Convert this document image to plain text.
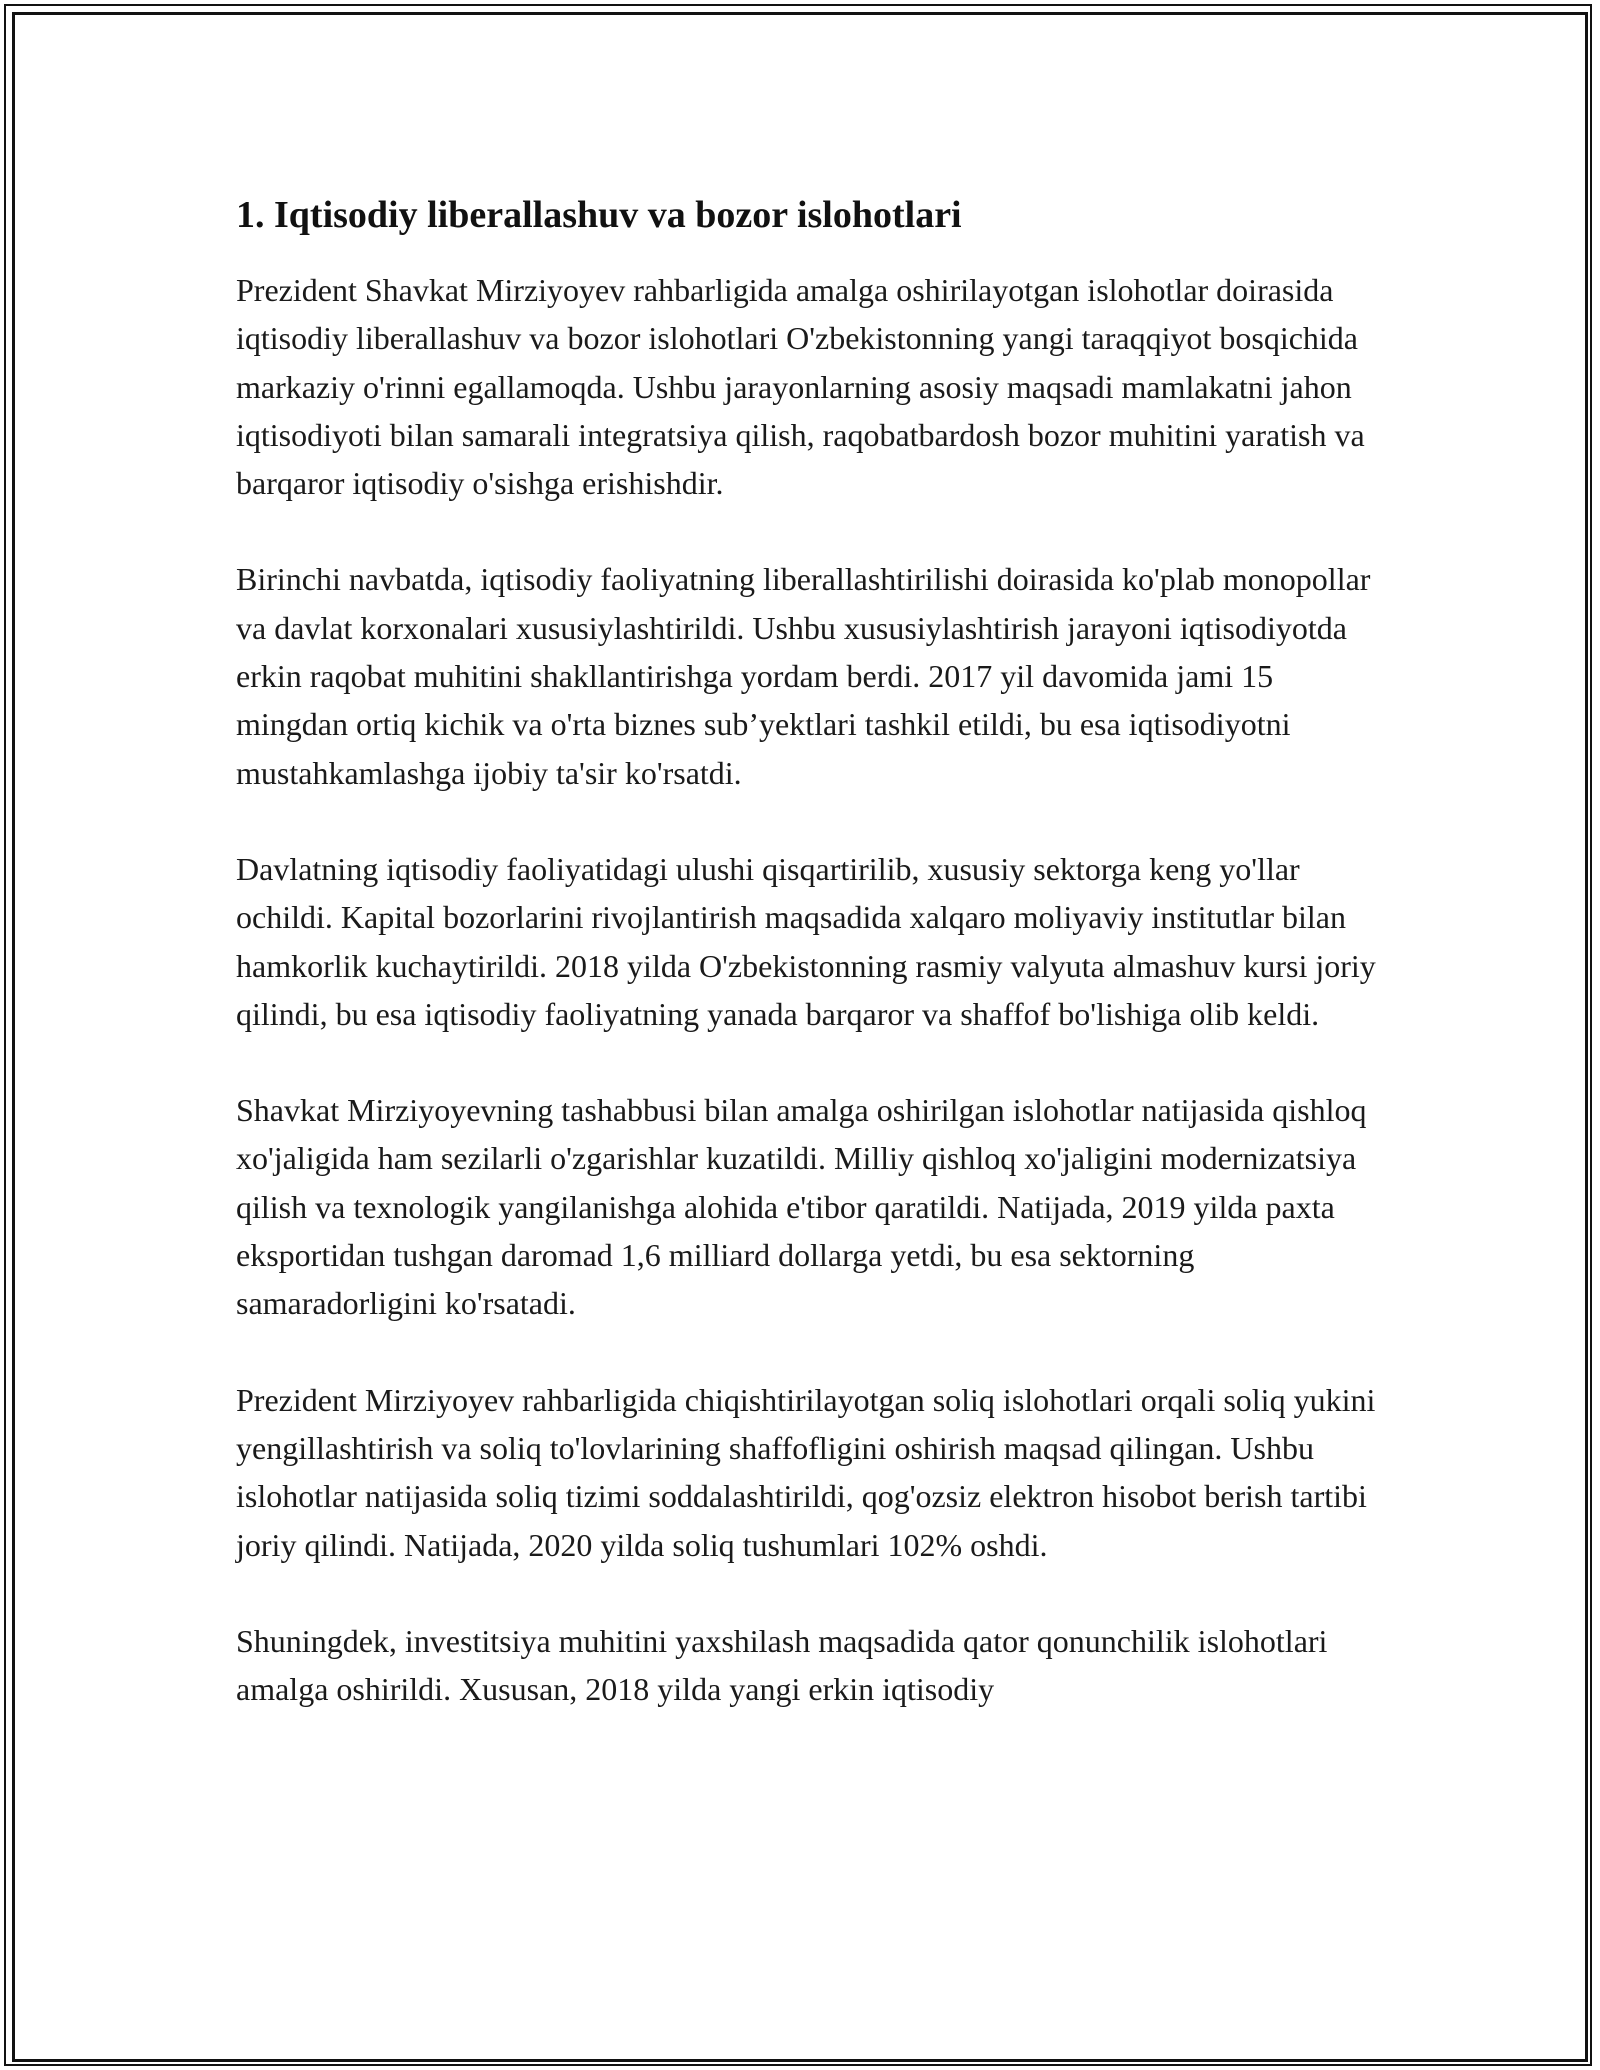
1. Iqtisodiy liberallashuv va bozor islohotlari

Prezident Shavkat Mirziyoyev rahbarligida amalga oshirilayotgan islohotlar doirasida iqtisodiy liberallashuv va bozor islohotlari O'zbekistonning yangi taraqqiyot bosqichida markaziy o'rinni egallamoqda. Ushbu jarayonlarning asosiy maqsadi mamlakatni jahon iqtisodiyoti bilan samarali integratsiya qilish, raqobatbardosh bozor muhitini yaratish va barqaror iqtisodiy o'sishga erishishdir.

Birinchi navbatda, iqtisodiy faoliyatning liberallashtirilishi doirasida ko'plab monopollar va davlat korxonalari xususiylashtirildi. Ushbu xususiylashtirish jarayoni iqtisodiyotda erkin raqobat muhitini shakllantirishga yordam berdi. 2017 yil davomida jami 15 mingdan ortiq kichik va o'rta biznes sub’yektlari tashkil etildi, bu esa iqtisodiyotni mustahkamlashga ijobiy ta'sir ko'rsatdi.

Davlatning iqtisodiy faoliyatidagi ulushi qisqartirilib, xususiy sektorga keng yo'llar ochildi. Kapital bozorlarini rivojlantirish maqsadida xalqaro moliyaviy institutlar bilan hamkorlik kuchaytirildi. 2018 yilda O'zbekistonning rasmiy valyuta almashuv kursi joriy qilindi, bu esa iqtisodiy faoliyatning yanada barqaror va shaffof bo'lishiga olib keldi.

Shavkat Mirziyoyevning tashabbusi bilan amalga oshirilgan islohotlar natijasida qishloq xo'jaligida ham sezilarli o'zgarishlar kuzatildi. Milliy qishloq xo'jaligini modernizatsiya qilish va texnologik yangilanishga alohida e'tibor qaratildi. Natijada, 2019 yilda paxta eksportidan tushgan daromad 1,6 milliard dollarga yetdi, bu esa sektorning samaradorligini ko'rsatadi.

Prezident Mirziyoyev rahbarligida chiqishtirilayotgan soliq islohotlari orqali soliq yukini yengillashtirish va soliq to'lovlarining shaffofligini oshirish maqsad qilingan. Ushbu islohotlar natijasida soliq tizimi soddalashtirildi, qog'ozsiz elektron hisobot berish tartibi joriy qilindi. Natijada, 2020 yilda soliq tushumlari 102% oshdi.

Shuningdek, investitsiya muhitini yaxshilash maqsadida qator qonunchilik islohotlari amalga oshirildi. Xususan, 2018 yilda yangi erkin iqtisodiy
